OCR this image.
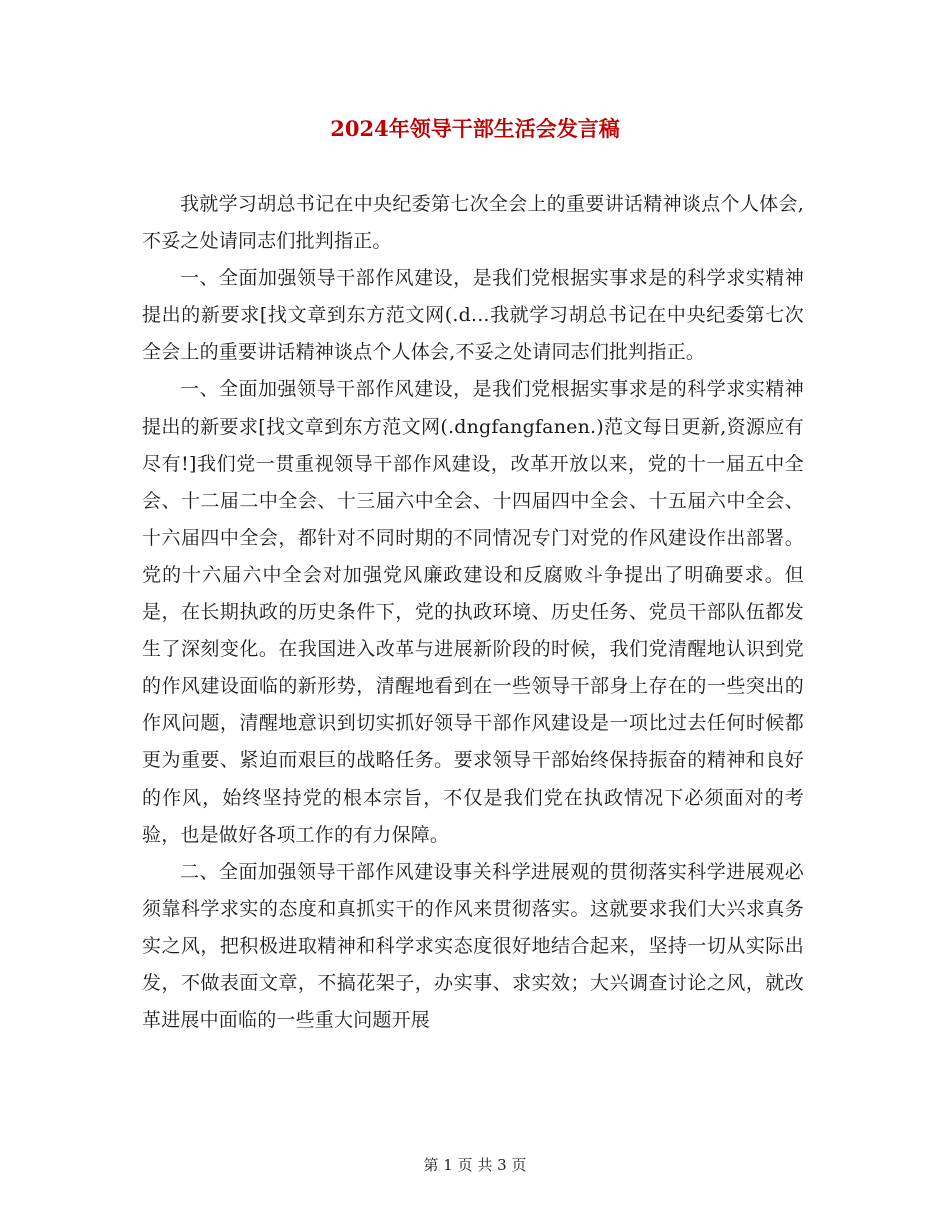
2024年领导干部生活会发言稿

我就学习胡总书记在中央纪委第七次全会上的重要讲话精神谈点个人体会,不妥之处请同志们批判指正。

一、全面加强领导干部作风建设，是我们党根据实事求是的科学求实精神提出的新要求[找文章到东方范文网(.d...我就学习胡总书记在中央纪委第七次全会上的重要讲话精神谈点个人体会,不妥之处请同志们批判指正。

一、全面加强领导干部作风建设，是我们党根据实事求是的科学求实精神提出的新要求[找文章到东方范文网(.dngfangfanen.)范文每日更新,资源应有尽有!]我们党一贯重视领导干部作风建设，改革开放以来，党的十一届五中全会、十二届二中全会、十三届六中全会、十四届四中全会、十五届六中全会、十六届四中全会，都针对不同时期的不同情况专门对党的作风建设作出部署。党的十六届六中全会对加强党风廉政建设和反腐败斗争提出了明确要求。但是，在长期执政的历史条件下，党的执政环境、历史任务、党员干部队伍都发生了深刻变化。在我国进入改革与进展新阶段的时候，我们党清醒地认识到党的作风建设面临的新形势，清醒地看到在一些领导干部身上存在的一些突出的作风问题，清醒地意识到切实抓好领导干部作风建设是一项比过去任何时候都更为重要、紧迫而艰巨的战略任务。要求领导干部始终保持振奋的精神和良好的作风，始终坚持党的根本宗旨，不仅是我们党在执政情况下必须面对的考验，也是做好各项工作的有力保障。

二、全面加强领导干部作风建设事关科学进展观的贯彻落实科学进展观必须靠科学求实的态度和真抓实干的作风来贯彻落实。这就要求我们大兴求真务实之风，把积极进取精神和科学求实态度很好地结合起来，坚持一切从实际出发，不做表面文章，不搞花架子，办实事、求实效；大兴调查讨论之风，就改革进展中面临的一些重大问题开展

第 1 页 共 3 页
